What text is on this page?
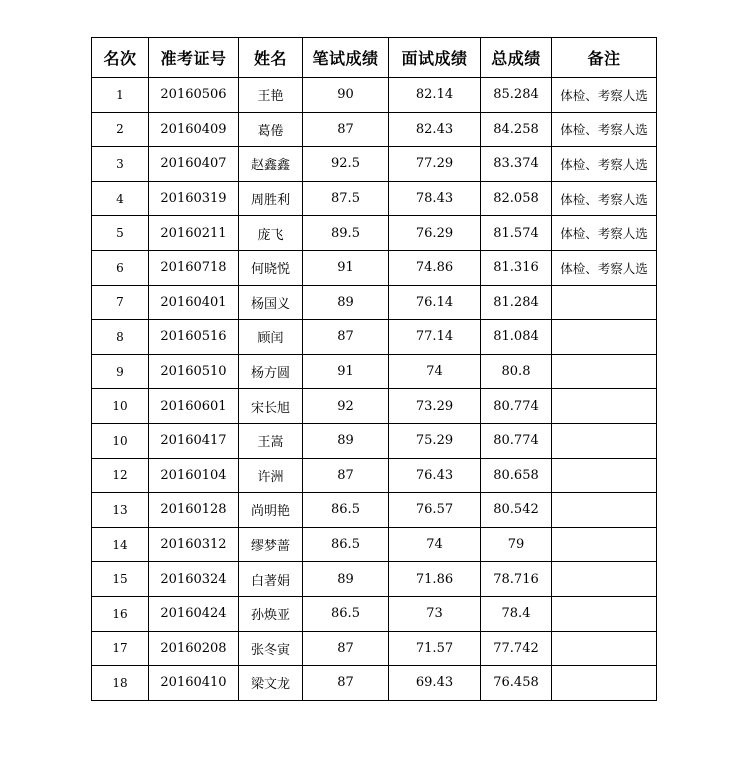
名次	准考证号	姓名	笔试成绩	面试成绩	总成绩	备注
1	20160506	王艳	90	82.14	85.284	体检、考察人选
2	20160409	葛倦	87	82.43	84.258	体检、考察人选
3	20160407	赵鑫鑫	92.5	77.29	83.374	体检、考察人选
4	20160319	周胜利	87.5	78.43	82.058	体检、考察人选
5	20160211	庞飞	89.5	76.29	81.574	体检、考察人选
6	20160718	何晓悦	91	74.86	81.316	体检、考察人选
7	20160401	杨国义	89	76.14	81.284	
8	20160516	顾闰	87	77.14	81.084	
9	20160510	杨方圆	91	74	80.8	
10	20160601	宋长旭	92	73.29	80.774	
10	20160417	王嵩	89	75.29	80.774	
12	20160104	许洲	87	76.43	80.658	
13	20160128	尚明艳	86.5	76.57	80.542	
14	20160312	缪梦蔷	86.5	74	79	
15	20160324	白著娟	89	71.86	78.716	
16	20160424	孙焕亚	86.5	73	78.4	
17	20160208	张冬寅	87	71.57	77.742	
18	20160410	梁文龙	87	69.43	76.458	
